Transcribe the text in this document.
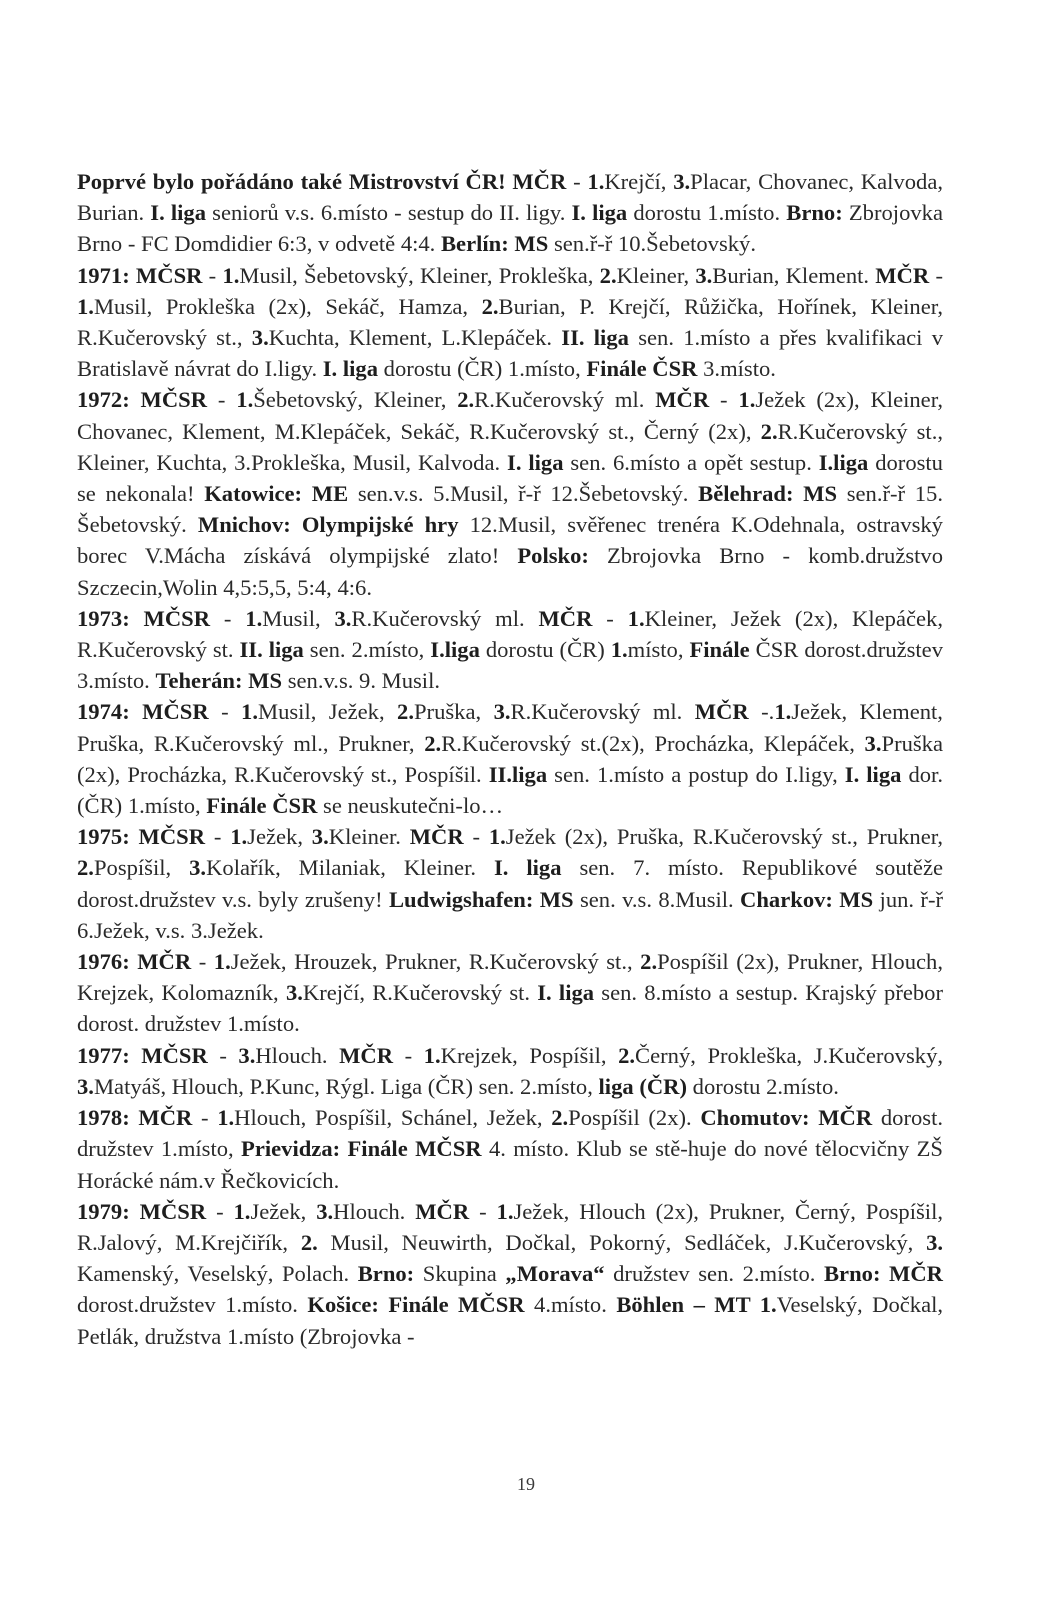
Poprvé bylo pořádáno také Mistrovství ČR! MČR - 1.Krejčí, 3.Placar, Chovanec, Kalvoda, Burian. I. liga seniorů v.s. 6.místo - sestup do II. ligy. I. liga dorostu 1.místo. Brno: Zbrojovka Brno - FC Domdidier 6:3, v odvetě 4:4. Berlín: MS sen.ř-ř 10.Šebetovský.

1971: MČSR - 1.Musil, Šebetovský, Kleiner, Prokleška, 2.Kleiner, 3.Burian, Klement. MČR - 1.Musil, Prokleška (2x), Sekáč, Hamza, 2.Burian, P. Krejčí, Růžička, Hořínek, Kleiner, R.Kučerovský st., 3.Kuchta, Klement, L.Klepáček. II. liga sen. 1.místo a přes kvalifikaci v Bratislavě návrat do I.ligy. I. liga dorostu (ČR) 1.místo, Finále ČSR 3.místo.

1972: MČSR - 1.Šebetovský, Kleiner, 2.R.Kučerovský ml. MČR - 1.Ježek (2x), Kleiner, Chovanec, Klement, M.Klepáček, Sekáč, R.Kučerovský st., Černý (2x), 2.R.Kučerovský st., Kleiner, Kuchta, 3.Prokleška, Musil, Kalvoda. I. liga sen. 6.místo a opět sestup. I.liga dorostu se nekonala! Katowice: ME sen.v.s. 5.Musil, ř-ř 12.Šebetovský. Bělehrad: MS sen.ř-ř 15. Šebetovský. Mnichov: Olympijské hry 12.Musil, svěřenec trenéra K.Odehnala, ostravský borec V.Mácha získává olympijské zlato! Polsko: Zbrojovka Brno - komb.družstvo Szczecin,Wolin 4,5:5,5, 5:4, 4:6.

1973: MČSR - 1.Musil, 3.R.Kučerovský ml. MČR - 1.Kleiner, Ježek (2x), Klepáček, R.Kučerovský st. II. liga sen. 2.místo, I.liga dorostu (ČR) 1.místo, Finále ČSR dorost.družstev 3.místo. Teherán: MS sen.v.s. 9. Musil.

1974: MČSR - 1.Musil, Ježek, 2.Pruška, 3.R.Kučerovský ml. MČR -.1.Ježek, Klement, Pruška, R.Kučerovský ml., Prukner, 2.R.Kučerovský st.(2x), Procházka, Klepáček, 3.Pruška (2x), Procházka, R.Kučerovský st., Pospíšil. II.liga sen. 1.místo a postup do I.ligy, I. liga dor. (ČR) 1.místo, Finále ČSR se neuskutečni-lo…

1975: MČSR - 1.Ježek, 3.Kleiner. MČR - 1.Ježek (2x), Pruška, R.Kučerovský st., Prukner, 2.Pospíšil, 3.Kolařík, Milaniak, Kleiner. I. liga sen. 7. místo. Republikové soutěže dorost.družstev v.s. byly zrušeny! Ludwigshafen: MS sen. v.s. 8.Musil. Charkov: MS jun. ř-ř 6.Ježek, v.s. 3.Ježek.

1976: MČR - 1.Ježek, Hrouzek, Prukner, R.Kučerovský st., 2.Pospíšil (2x), Prukner, Hlouch, Krejzek, Kolomazník, 3.Krejčí, R.Kučerovský st. I. liga sen. 8.místo a sestup. Krajský přebor dorost. družstev 1.místo.

1977: MČSR - 3.Hlouch. MČR - 1.Krejzek, Pospíšil, 2.Černý, Prokleška, J.Kučerovský, 3.Matyáš, Hlouch, P.Kunc, Rýgl. Liga (ČR) sen. 2.místo, liga (ČR) dorostu 2.místo.

1978: MČR - 1.Hlouch, Pospíšil, Schánel, Ježek, 2.Pospíšil (2x). Chomutov: MČR dorost. družstev 1.místo, Prievidza: Finále MČSR 4. místo. Klub se stě-huje do nové tělocvičny ZŠ Horácké nám.v Řečkovicích.

1979: MČSR - 1.Ježek, 3.Hlouch. MČR - 1.Ježek, Hlouch (2x), Prukner, Černý, Pospíšil, R.Jalový, M.Krejčiřík, 2. Musil, Neuwirth, Dočkal, Pokorný, Sedláček, J.Kučerovský, 3. Kamenský, Veselský, Polach. Brno: Skupina „Morava“ družstev sen. 2.místo. Brno: MČR dorost.družstev 1.místo. Košice: Finále MČSR 4.místo. Böhlen – MT 1.Veselský, Dočkal, Petlák, družstva 1.místo (Zbrojovka -

19
